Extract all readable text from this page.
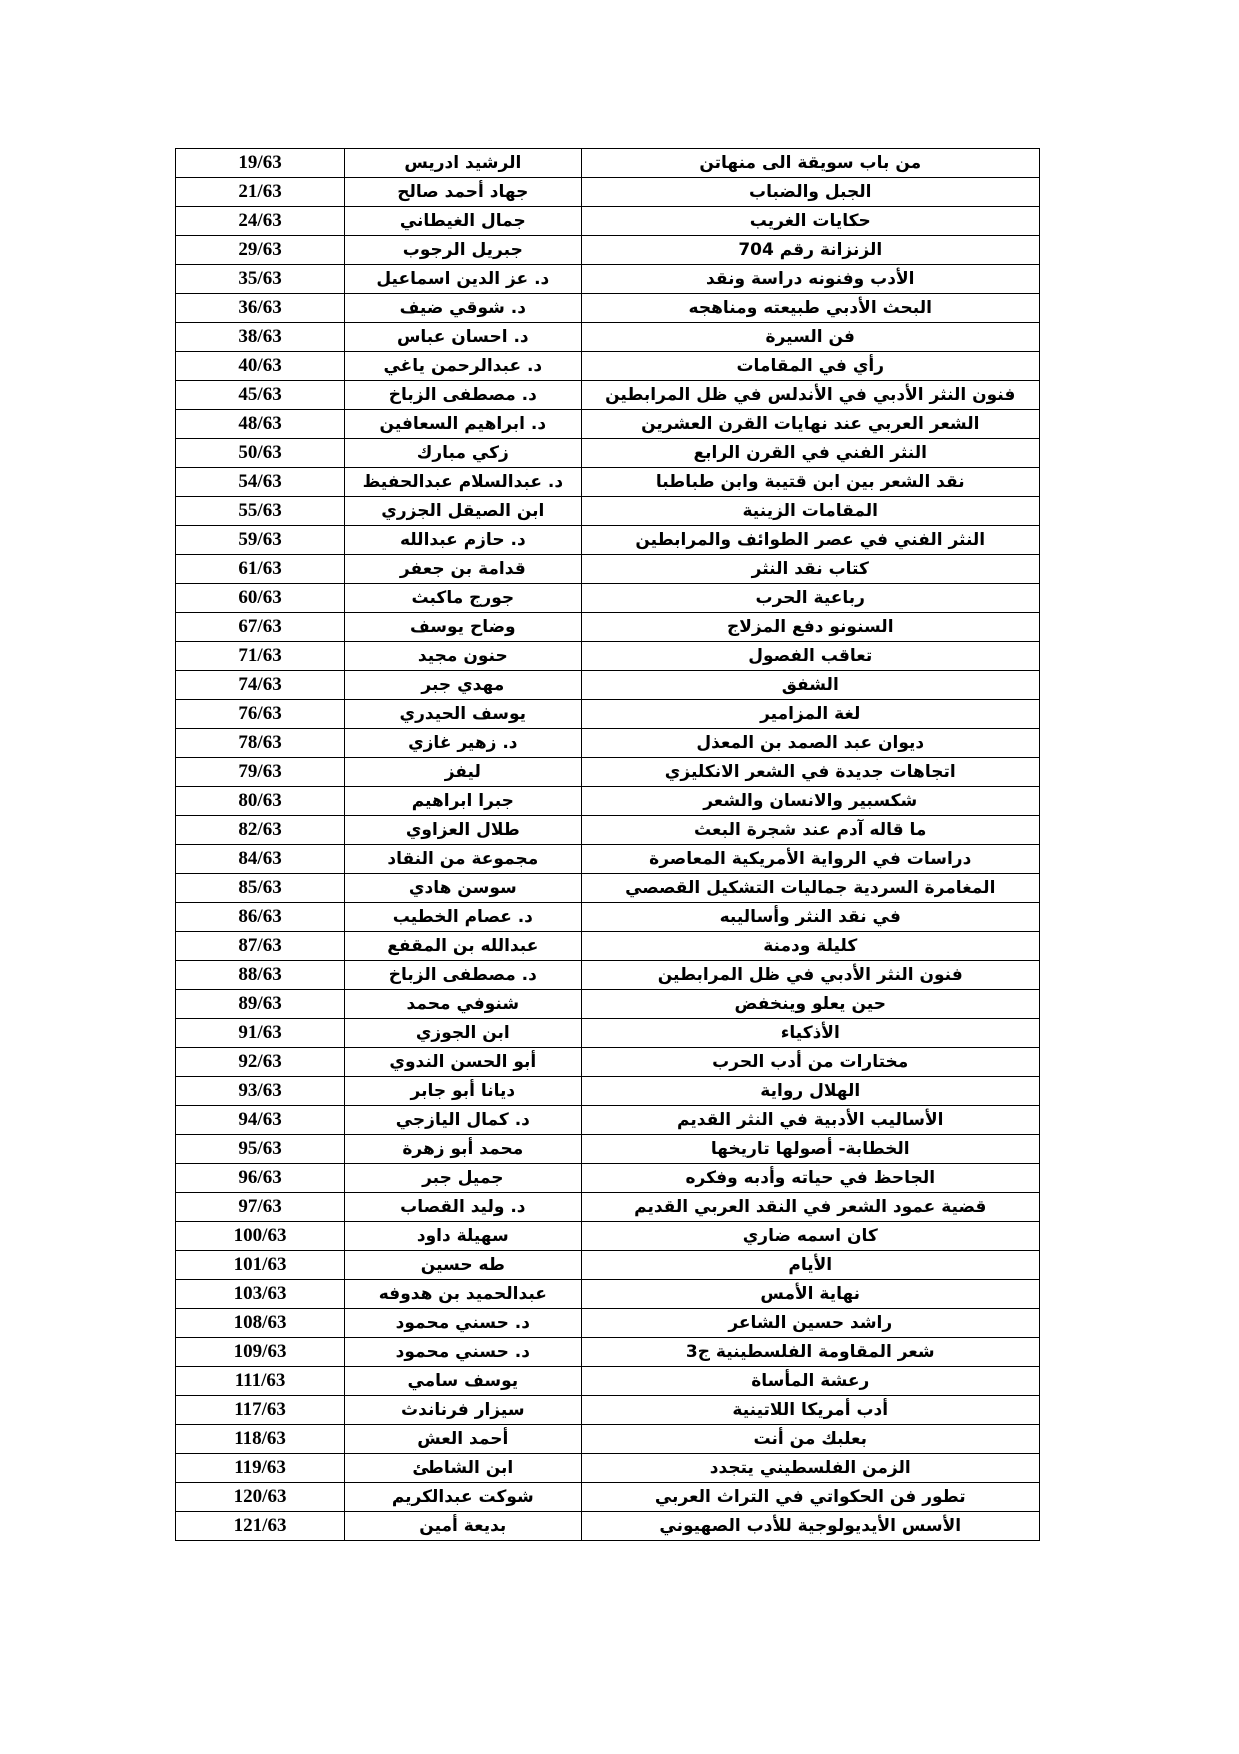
19/63	الرشيد ادريس	من باب سويقة الى منهاتن
21/63	جهاد أحمد صالح	الجبل والضباب
24/63	جمال الغيطاني	حكايات الغريب
29/63	جبريل الرجوب	الزنزانة رقم 704
35/63	د. عز الدين اسماعيل	الأدب وفنونه دراسة ونقد
36/63	د. شوقي ضيف	البحث الأدبي طبيعته ومناهجه
38/63	د. احسان عباس	فن السيرة
40/63	د. عبدالرحمن ياغي	رأي في المقامات
45/63	د. مصطفى الزباخ	فنون النثر الأدبي في الأندلس في ظل المرابطين
48/63	د. ابراهيم السعافين	الشعر العربي عند نهايات القرن العشرين
50/63	زكي مبارك	النثر الفني في القرن الرابع
54/63	د. عبدالسلام عبدالحفيظ	نقد الشعر بين ابن قتيبة وابن طباطبا
55/63	ابن الصيقل الجزري	المقامات الزينية
59/63	د. حازم عبدالله	النثر الفني في عصر الطوائف والمرابطين
61/63	قدامة بن جعفر	كتاب نقد النثر
60/63	جورج ماكبث	رباعية الحرب
67/63	وضاح يوسف	السنونو دفع المزلاج
71/63	حنون مجيد	تعاقب الفصول
74/63	مهدي جبر	الشفق
76/63	يوسف الحيدري	لغة المزامير
78/63	د. زهير غازي	ديوان عبد الصمد بن المعذل
79/63	ليفز	اتجاهات جديدة في الشعر الانكليزي
80/63	جبرا ابراهيم	شكسبير والانسان والشعر
82/63	طلال العزاوي	ما قاله آدم عند شجرة البعث
84/63	مجموعة من النقاد	دراسات في الرواية الأمريكية المعاصرة
85/63	سوسن هادي	المغامرة السردية جماليات التشكيل القصصي
86/63	د. عصام الخطيب	في نقد النثر وأساليبه
87/63	عبدالله بن المقفع	كليلة ودمنة
88/63	د. مصطفى الزباخ	فنون النثر الأدبي في ظل المرابطين
89/63	شنوفي محمد	حين يعلو وينخفض
91/63	ابن الجوزي	الأذكياء
92/63	أبو الحسن الندوي	مختارات من أدب الحرب
93/63	ديانا أبو جابر	الهلال رواية
94/63	د. كمال اليازجي	الأساليب الأدبية في النثر القديم
95/63	محمد أبو زهرة	الخطابة- أصولها تاريخها
96/63	جميل جبر	الجاحظ في حياته وأدبه وفكره
97/63	د. وليد القصاب	قضية عمود الشعر في النقد العربي القديم
100/63	سهيلة داود	كان اسمه ضاري
101/63	طه حسين	الأيام
103/63	عبدالحميد بن هدوفه	نهاية الأمس
108/63	د. حسني محمود	راشد حسين الشاعر
109/63	د. حسني محمود	شعر المقاومة الفلسطينية ج3
111/63	يوسف سامي	رعشة المأساة
117/63	سيزار فرناندث	أدب أمريكا اللاتينية
118/63	أحمد العش	بعلبك من أنت
119/63	ابن الشاطئ	الزمن الفلسطيني يتجدد
120/63	شوكت عبدالكريم	تطور فن الحكواتي في التراث العربي
121/63	بديعة أمين	الأسس الأيديولوجية للأدب الصهيوني
